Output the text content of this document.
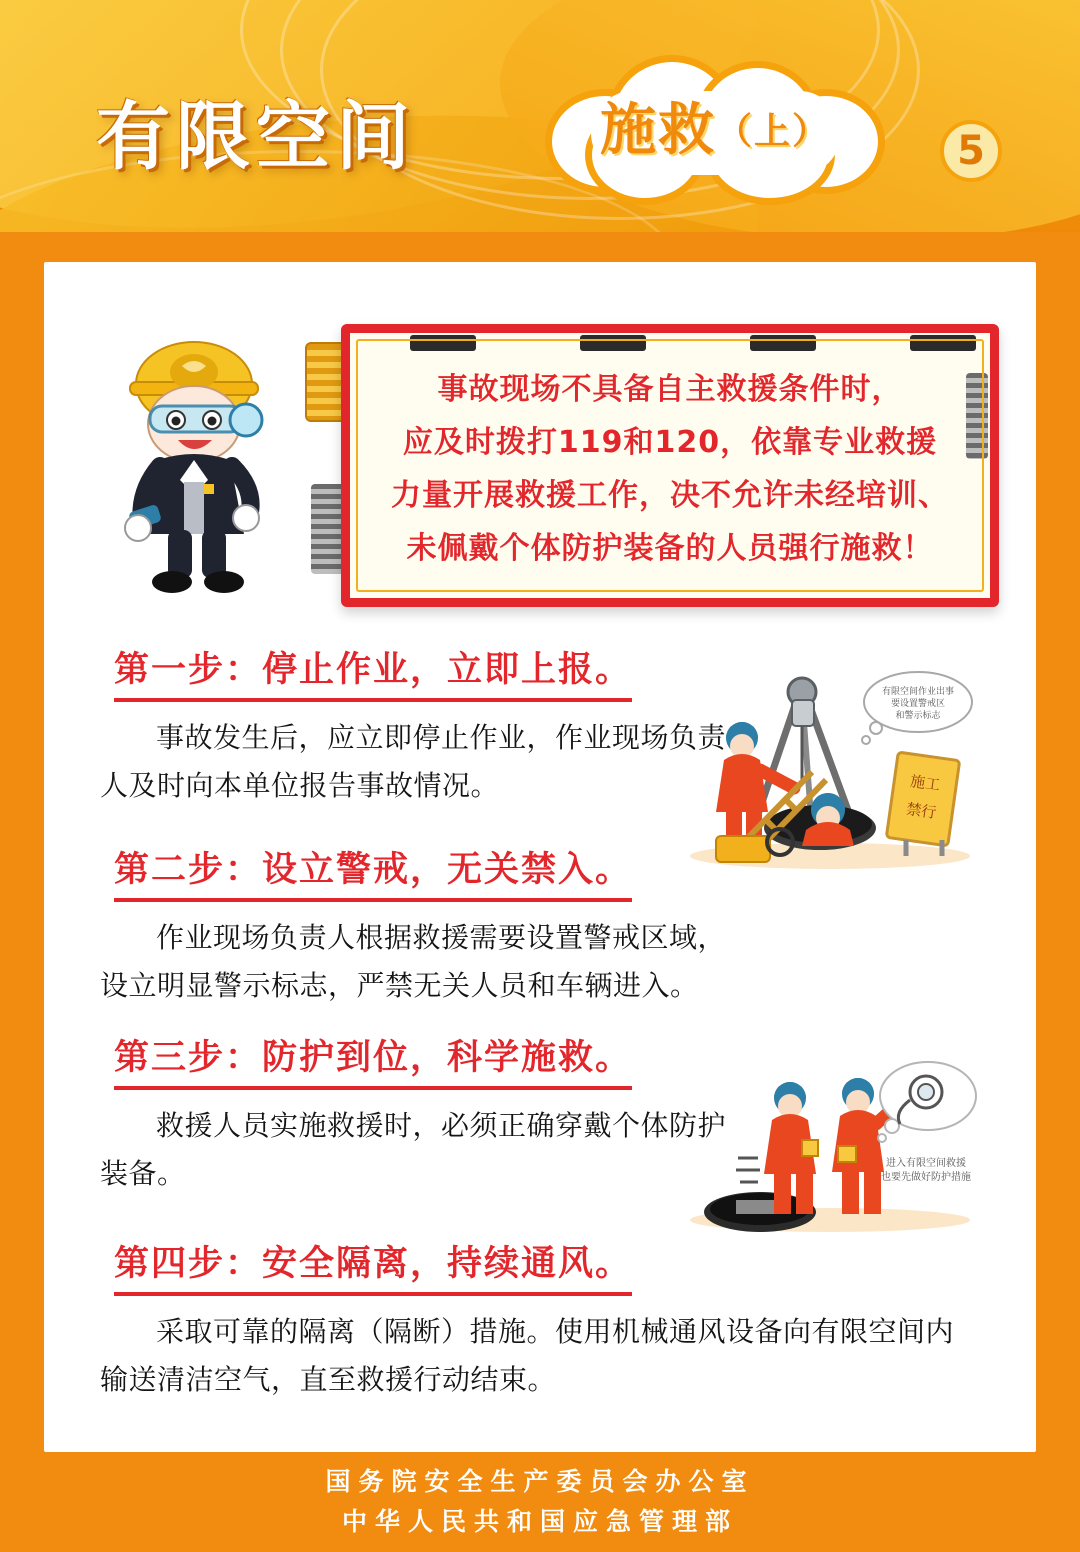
有限空间	施救（上）	5
事故现场不具备自主救援条件时，
应及时拨打119和120，依靠专业救援
力量开展救援工作，决不允许未经培训、
未佩戴个体防护装备的人员强行施救！
第一步：停止作业，立即上报。
事故发生后，应立即停止作业，作业现场负责人及时向本单位报告事故情况。	施工
禁行
有限空间作业出事
要设置警戒区
和警示标志
第二步：设立警戒，无关禁入。
作业现场负责人根据救援需要设置警戒区域，设立明显警示标志，严禁无关人员和车辆进入。
第三步：防护到位，科学施救。
救援人员实施救援时，必须正确穿戴个体防护装备。	进入有限空间救援
也要先做好防护措施
第四步：安全隔离，持续通风。
采取可靠的隔离（隔断）措施。使用机械通风设备向有限空间内输送清洁空气，直至救援行动结束。
国务院安全生产委员会办公室
中华人民共和国应急管理部
